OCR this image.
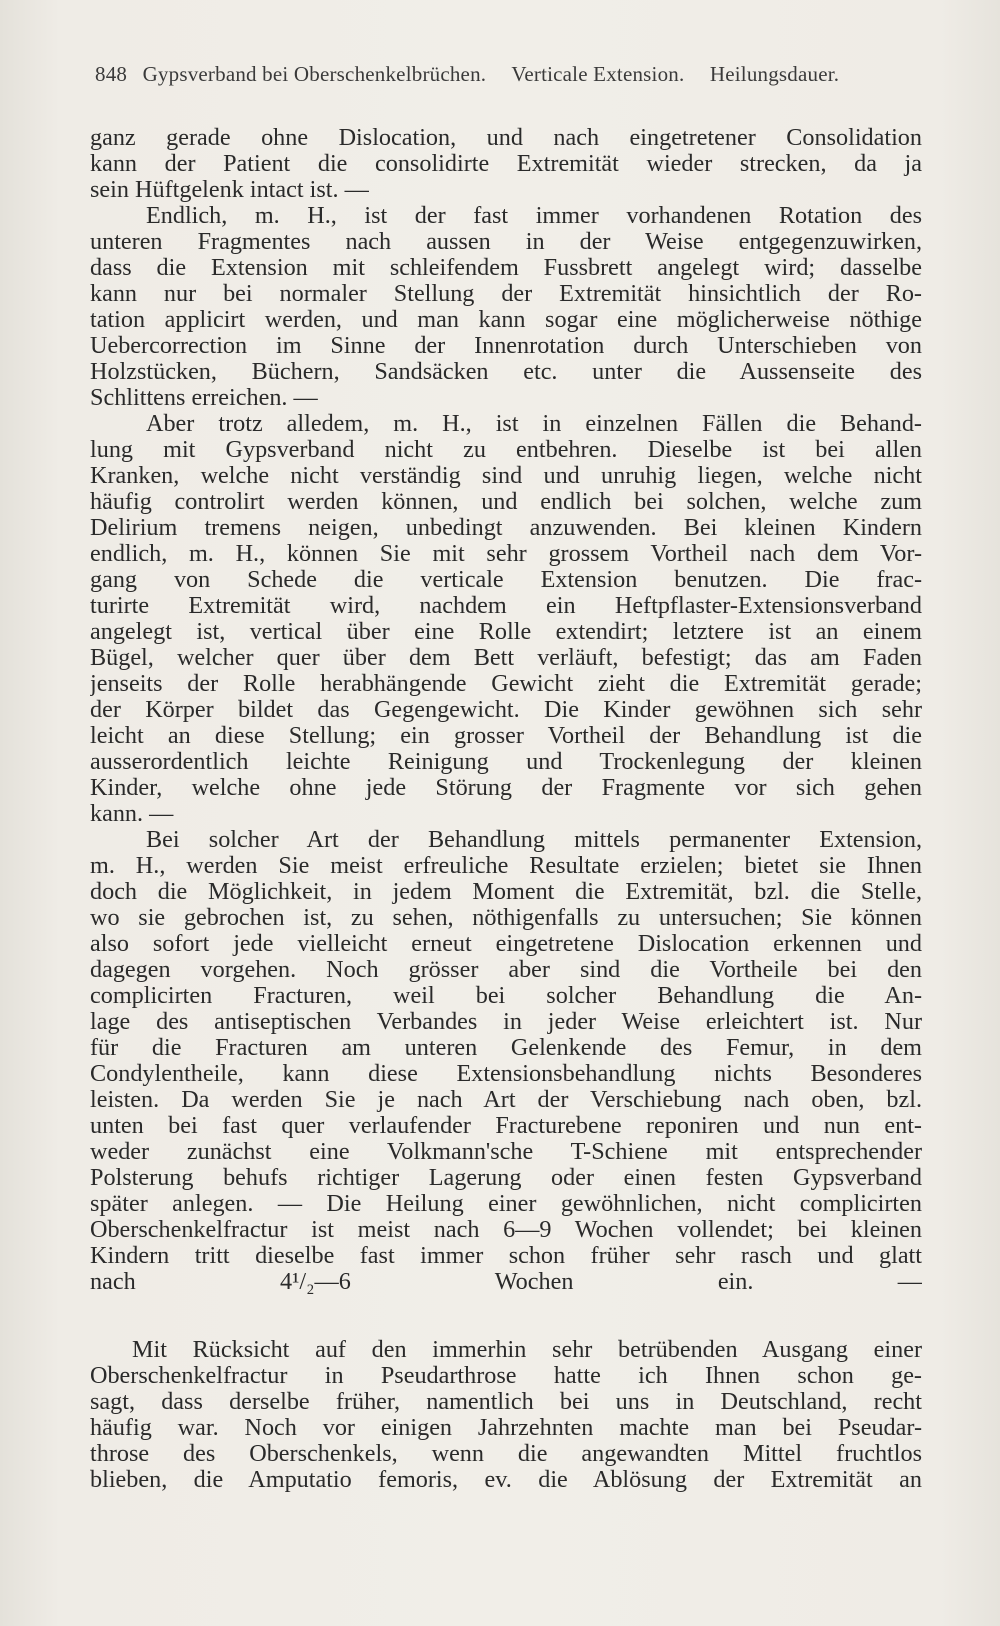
848 Gypsverband bei Oberschenkelbrüchen. Verticale Extension. Heilungsdauer.
ganz gerade ohne Dislocation, und nach eingetretener Consolidation
kann der Patient die consolidirte Extremität wieder strecken, da ja
sein Hüftgelenk intact ist. —
Endlich, m. H., ist der fast immer vorhandenen Rotation des
unteren Fragmentes nach aussen in der Weise entgegenzuwirken,
dass die Extension mit schleifendem Fussbrett angelegt wird; dasselbe
kann nur bei normaler Stellung der Extremität hinsichtlich der Ro-
tation applicirt werden, und man kann sogar eine möglicherweise nöthige
Uebercorrection im Sinne der Innenrotation durch Unterschieben von
Holzstücken, Büchern, Sandsäcken etc. unter die Aussenseite des
Schlittens erreichen. —
Aber trotz alledem, m. H., ist in einzelnen Fällen die Behand-
lung mit Gypsverband nicht zu entbehren. Dieselbe ist bei allen
Kranken, welche nicht verständig sind und unruhig liegen, welche nicht
häufig controlirt werden können, und endlich bei solchen, welche zum
Delirium tremens neigen, unbedingt anzuwenden. Bei kleinen Kindern
endlich, m. H., können Sie mit sehr grossem Vortheil nach dem Vor-
gang von Schede die verticale Extension benutzen. Die frac-
turirte Extremität wird, nachdem ein Heftpflaster-Extensionsverband
angelegt ist, vertical über eine Rolle extendirt; letztere ist an einem
Bügel, welcher quer über dem Bett verläuft, befestigt; das am Faden
jenseits der Rolle herabhängende Gewicht zieht die Extremität gerade;
der Körper bildet das Gegengewicht. Die Kinder gewöhnen sich sehr
leicht an diese Stellung; ein grosser Vortheil der Behandlung ist die
ausserordentlich leichte Reinigung und Trockenlegung der kleinen
Kinder, welche ohne jede Störung der Fragmente vor sich gehen
kann. —
Bei solcher Art der Behandlung mittels permanenter Extension,
m. H., werden Sie meist erfreuliche Resultate erzielen; bietet sie Ihnen
doch die Möglichkeit, in jedem Moment die Extremität, bzl. die Stelle,
wo sie gebrochen ist, zu sehen, nöthigenfalls zu untersuchen; Sie können
also sofort jede vielleicht erneut eingetretene Dislocation erkennen und
dagegen vorgehen. Noch grösser aber sind die Vortheile bei den
complicirten Fracturen, weil bei solcher Behandlung die An-
lage des antiseptischen Verbandes in jeder Weise erleichtert ist. Nur
für die Fracturen am unteren Gelenkende des Femur, in dem
Condylentheile, kann diese Extensionsbehandlung nichts Besonderes
leisten. Da werden Sie je nach Art der Verschiebung nach oben, bzl.
unten bei fast quer verlaufender Fracturebene reponiren und nun ent-
weder zunächst eine Volkmann'sche T-Schiene mit entsprechender
Polsterung behufs richtiger Lagerung oder einen festen Gypsverband
später anlegen. — Die Heilung einer gewöhnlichen, nicht complicirten
Oberschenkelfractur ist meist nach 6—9 Wochen vollendet; bei kleinen
Kindern tritt dieselbe fast immer schon früher sehr rasch und glatt
nach 4¹/₂—6 Wochen ein. —
Mit Rücksicht auf den immerhin sehr betrübenden Ausgang einer
Oberschenkelfractur in Pseudarthrose hatte ich Ihnen schon ge-
sagt, dass derselbe früher, namentlich bei uns in Deutschland, recht
häufig war. Noch vor einigen Jahrzehnten machte man bei Pseudar-
throse des Oberschenkels, wenn die angewandten Mittel fruchtlos
blieben, die Amputatio femoris, ev. die Ablösung der Extremität an
